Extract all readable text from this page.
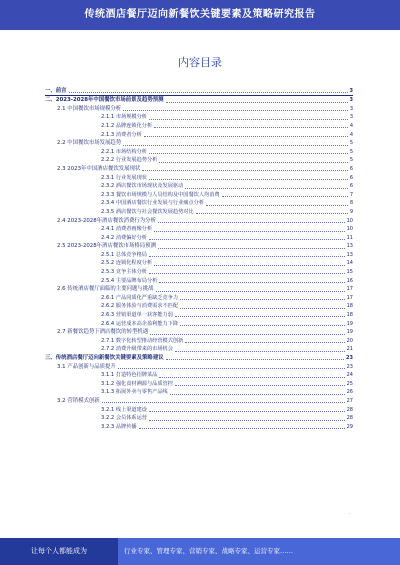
传统酒店餐厅迈向新餐饮关键要素及策略研究报告
内容目录
一、前言	3
二、2023-2028年中国餐饮市场前景及趋势预测	3
2.1 中国餐饮市场规模分析	3
2.1.1 市场规模分析	3
2.1.2 品牌连锁化分析	4
2.1.3 消费者分析	4
2.2 中国餐饮市场发展趋势	5
2.2.1 市场结构分析	5
2.2.2 行业发展趋势分析	5
2.3 2023年中国酒店餐饮发展现状	6
2.3.1 行业发展现状	6
2.3.2 酒店餐饮市场现状及发展驱动	6
2.3.3 餐饮市场规模与人员结构及中国餐饮人均消费	7
2.3.4 中国酒店餐饮行业发展与行业痛点分析	8
2.3.5 酒店餐饮与社会餐饮发展趋势对比	9
2.4 2023-2028年酒店餐饮消费行为分析	10
2.4.1 消费者画像分析	10
2.4.2 消费偏好分析	11
2.5 2023-2028年酒店餐饮市场格局预测	13
2.5.1 总体竞争格局	13
2.5.2 连锁化程度分析	14
2.5.3 竞争主体分析	15
2.5.4 主要品牌布局分析	16
2.6 传统酒店餐厅面临的主要问题与挑战	17
2.6.1 产品同质化严重缺乏竞争力	17
2.6.2 服务体验与消费需求不匹配	18
2.6.3 营销渠道单一获客能力弱	18
2.6.4 运营成本高企盈利能力下降	19
2.7 新餐饮趋势下酒店餐饮的转型机遇	19
2.7.1 数字化转型推动经营模式创新	20
2.7.2 消费升级带来的市场机会	21
三、传统酒店餐厅迈向新餐饮关键要素及策略建议	23
3.1 产品创新与品质提升	23
3.1.1 打造特色招牌菜品	24
3.1.2 强化食材溯源与品质管控	25
3.1.3 拓展外卖与零售产品线	26
3.2 营销模式创新	27
3.2.1 线上渠道建设	28
3.2.2 会员体系运营	28
3.2.3 品牌传播	29
·
让每个人都能成为	行业专家、管理专家、营销专家、战略专家、运营专家……
